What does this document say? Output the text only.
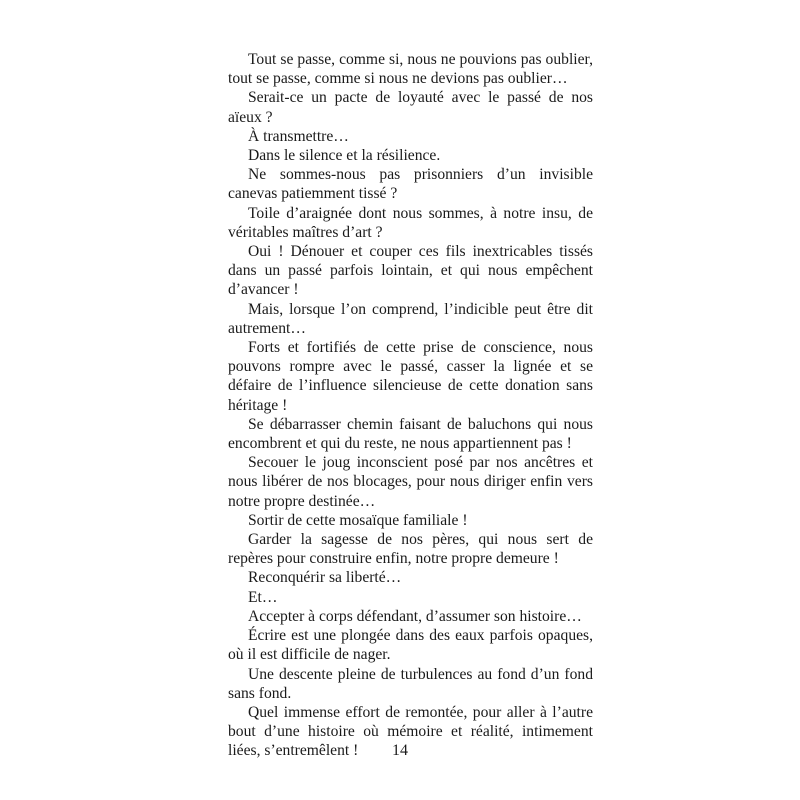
Tout se passe, comme si, nous ne pouvions pas oublier, tout se passe, comme si nous ne devions pas oublier…

Serait-ce un pacte de loyauté avec le passé de nos aïeux ?

À transmettre…

Dans le silence et la résilience.

Ne sommes-nous pas prisonniers d’un invisible canevas patiemment tissé ?

Toile d’araignée dont nous sommes, à notre insu, de véritables maîtres d’art ?

Oui ! Dénouer et couper ces fils inextricables tissés dans un passé parfois lointain, et qui nous empêchent d’avancer !

Mais, lorsque l’on comprend, l’indicible peut être dit autrement…

Forts et fortifiés de cette prise de conscience, nous pouvons rompre avec le passé, casser la lignée et se défaire de l’influence silencieuse de cette donation sans héritage !

Se débarrasser chemin faisant de baluchons qui nous encombrent et qui du reste, ne nous appartiennent pas !

Secouer le joug inconscient posé par nos ancêtres et nous libérer de nos blocages, pour nous diriger enfin vers notre propre destinée…

Sortir de cette mosaïque familiale !

Garder la sagesse de nos pères, qui nous sert de repères pour construire enfin, notre propre demeure !

Reconquérir sa liberté…

Et…

Accepter à corps défendant, d’assumer son histoire…

Écrire est une plongée dans des eaux parfois opaques, où il est difficile de nager.

Une descente pleine de turbulences au fond d’un fond sans fond.

Quel immense effort de remontée, pour aller à l’autre bout d’une histoire où mémoire et réalité, intimement liées, s’entremêlent !	14
